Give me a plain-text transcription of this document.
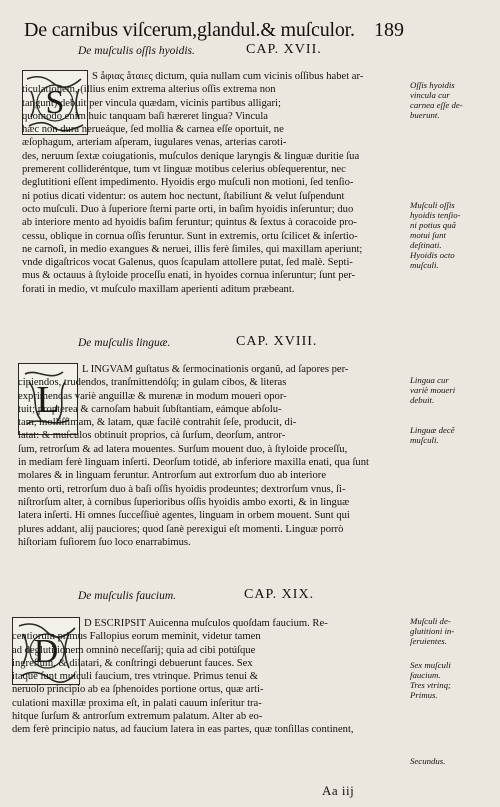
De carnibus viſcerum,glandul.& muſculor. 189
De muſculis oſſis hyoidis.	CAP. XVII.
S
S åφιας åταιες dictum, quia nullam cum vicinis oſſibus habet ar-
ticulationem, (illius enim extrema alterius oſſis extrema non
tangunt) debuit per vincula quædam, vicinis partibus alligari;
quomodo enim huic tanquam baſi hæreret lingua? Vincula
hæc non dura nerueáque, ſed mollia & carnea eſſe oportuit, ne
æſophagum, arteriam aſperam, iugulares venas, arterias caroti-
des, neruum ſextæ coiugationis, muſculos denique laryngis & linguæ duritie ſua
premerent collideréntque, tum vt linguæ motibus celerius obſequerentur, nec
deglutitioni eſſent impedimento. Hyoidis ergo muſculi non motioni, ſed tenſio-
ni potius dicati videntur: os autem hoc nectunt, ſtabiliunt & velut ſuſpendunt
octo muſculi. Duo à ſuperiore ſterni parte orti, in baſim hyoidis inſeruntur; duo
ab interiore mento ad hyoidis baſim feruntur; quintus & ſextus à coracoide pro-
cessu, oblique in cornua oſſis feruntur. Sunt in extremis, ortu ſcilicet & inſertio-
ne carnoſi, in medio exangues & neruei, illis ferè ſimiles, qui maxillam aperiunt;
vnde digaſtricos vocat Galenus, quos ſcapulam attollere putat, ſed malè. Septi-
mus & octauus à ſtyloide proceſſu enati, in hyoides cornua inſeruntur; ſunt per-
forati in medio, vt muſculo maxillam aperienti aditum præbeant.
Oſſis hyoidis
vincula cur
carnea eſſe de-
buerunt.
Muſculi oſſis
hyoidis tenſio-
ni potius quã
motui ſunt
deſtinati.
Hyoidis octo
muſculi.
De muſculis linguæ.	CAP. XVIII.
L
L INGVAM guſtatus & ſermocinationis organũ, ad ſapores per-
cipiendos, trudendos, tranſmittendóſq; in gulam cibos, & literas
exprimendas variè anguillæ & murenæ in modum moueri opor-
tuit; propterea & carnoſam habuit ſubſtantiam, eámque abſolu-
tam, molliſſimam, & latam, quæ facilè contrahit ſeſe, producit, di-
latat: & muſculos obtinuit proprios, cà ſurſum, deorſum, antror-
ſum, retrorſum & ad latera mouentes. Surſum mouent duo, à ſtyloide proceſſu,
in mediam ferè linguam inſerti. Deorſum totidé, ab inferiore maxilla enati, qua ſunt
molares & in linguam feruntur. Antrorſum aut extrorſum duo ab interiore
mento orti, retrorſum duo à baſi oſſis hyoidis prodeuntes; dextrorſum vnus, ſi-
niſtrorſum alter, à cornibus ſuperioribus oſſis hyoidis ambo exorti, & in linguæ
latera inſerti. Hi omnes ſucceſſiuè agentes, linguam in orbem mouent. Sunt qui
plures addant, alij pauciores; quod ſanè perexigui eſt momenti. Linguæ porrò
hiſtoriam fuſiorem ſuo loco enarrabimus.
Lingua cur
variè moueri
debuit.
Linguæ decẽ
muſculi.
De muſculis faucium.	CAP. XIX.
D
D ESCRIPSIT Auicenna muſculos quoſdam faucium. Re-
centiorum primus Fallopius eorum meminit, videtur tamen
ad deglutitionem omninò neceſſarij; quia ad cibi potúſque
ingreſſum, & dilatari, & conſtringi debuerunt fauces. Sex
itaque ſunt muſculi faucium, tres vtrinque. Primus tenui &
neruoſo principio ab ea ſphenoides portione ortus, quæ arti-
culationi maxillæ proxima eſt, in palati cauum inſeritur tra-
hitque ſurſum & antrorſum extremum palatum. Alter ab eo-
dem ferè principio natus, ad faucium latera in eas partes, quæ tonſillas continent,
Muſculi de-
glutitioni in-
ſeruientes.
Sex muſculi
faucium.
Tres vtrinq;
Primus.
Secundus.
Aa iij
